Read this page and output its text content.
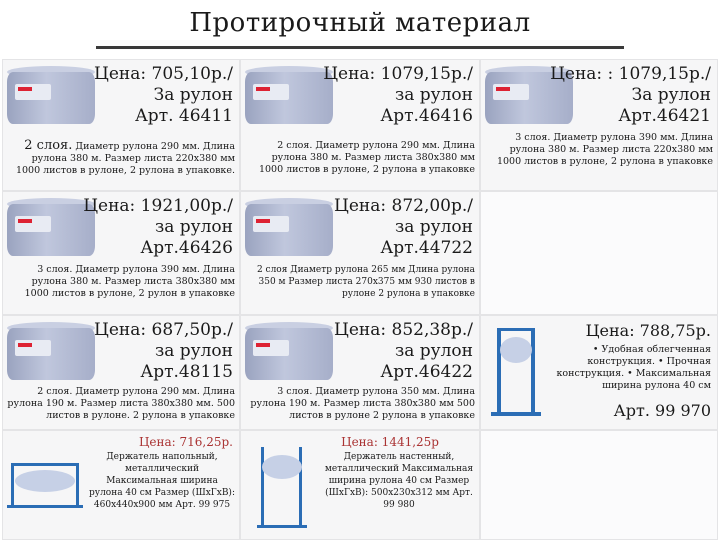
Протирочный материал
Цена: 705,10р./
За рулон
Арт. 46411
2 слоя. Диаметр рулона 290 мм. Длина рулона 380 м. Размер листа 220х380 мм 1000 листов в рулоне, 2 рулона в упаковке.
Цена: 1079,15р./
за рулон
Арт.46416
2 слоя. Диаметр рулона 290 мм. Длина рулона 380 м. Размер листа 380х380 мм 1000 листов в рулоне, 2 рулона в упаковке
Цена: : 1079,15р./
За рулон
Арт.46421
3 слоя. Диаметр рулона 390 мм. Длина рулона 380 м. Размер листа 220х380 мм 1000 листов в рулоне, 2 рулона в упаковке
Цена: 1921,00р./
за рулон
Арт.46426
3 слоя. Диаметр рулона 390 мм. Длина рулона 380 м. Размер листа 380х380 мм 1000 листов в рулоне, 2 рулон в упаковке
Цена: 872,00р./
за рулон
Арт.44722
2 слоя Диаметр рулона 265 мм Длина рулона 350 м Размер листа 270х375 мм 930 листов в рулоне 2 рулона в упаковке
Цена: 687,50р./
за рулон
Арт.48115
2 слоя. Диаметр рулона 290 мм. Длина рулона 190 м. Размер листа 380х380 мм. 500 листов в рулоне. 2 рулона в упаковке
Цена: 852,38р./
за рулон
Арт.46422
3 слоя. Диаметр рулона 350 мм. Длина рулона 190 м. Размер листа 380х380 мм 500 листов в рулоне 2 рулона в упаковке
Цена: 788,75р.
• Удобная облегченная конструкция. • Прочная конструкция. • Максимальная ширина рулона 40 см
Арт. 99 970
Цена: 716,25р.
Держатель напольный, металлический Максимальная ширина рулона 40 см Размер (ШхГхВ): 460х440х900 мм Арт. 99 975
Цена: 1441,25р
Держатель настенный, металлический Максимальная ширина рулона 40 см Размер (ШхГхВ): 500х230х312 мм Арт. 99 980
